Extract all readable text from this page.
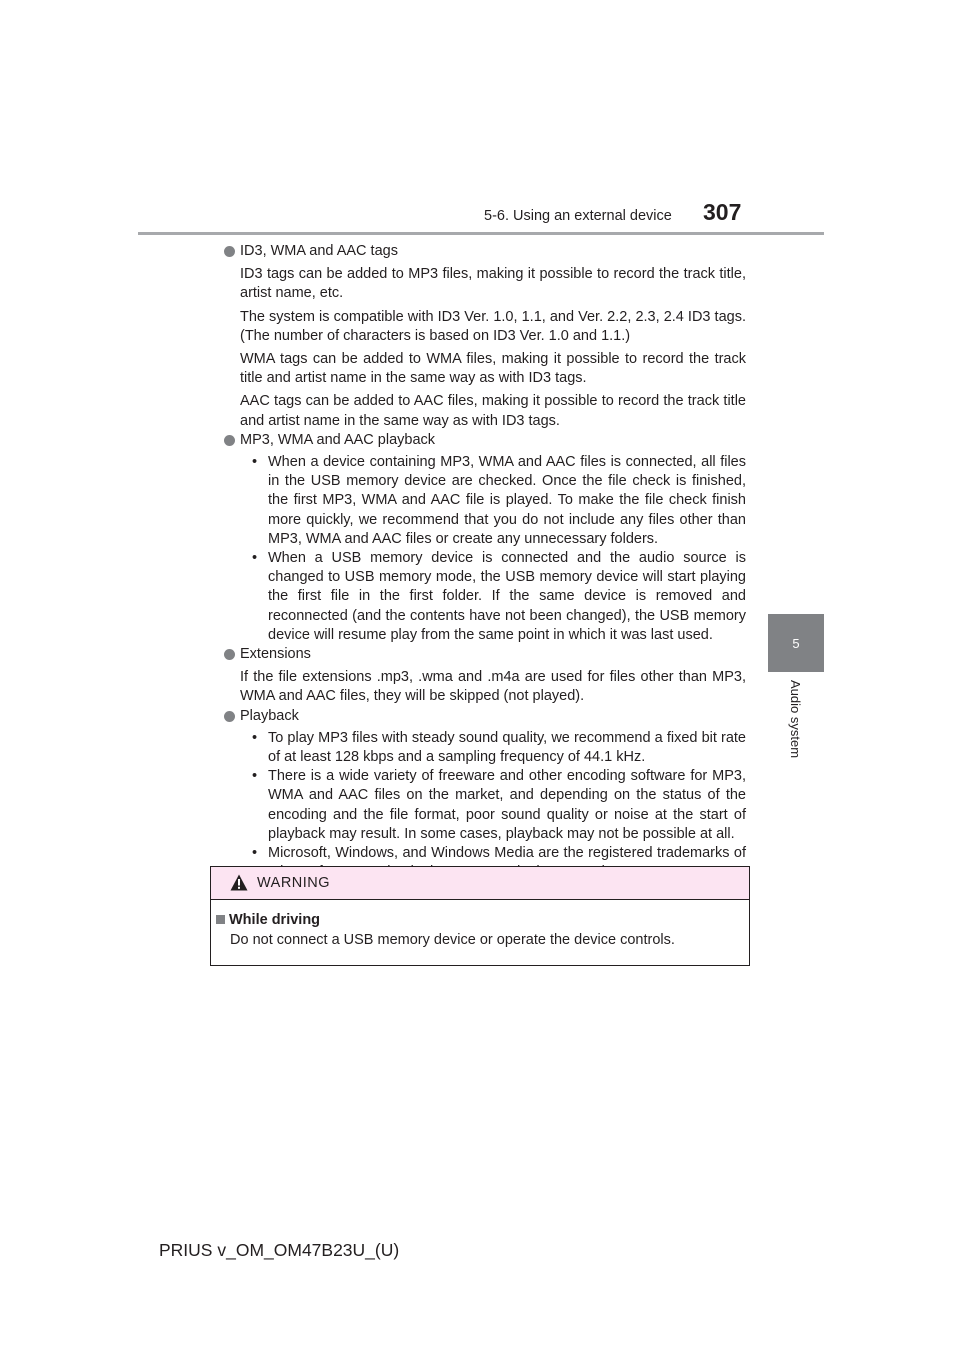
5-6. Using an external device 307
5
Audio system
ID3, WMA and AAC tags
ID3 tags can be added to MP3 files, making it possible to record the track title, artist name, etc.
The system is compatible with ID3 Ver. 1.0, 1.1, and Ver. 2.2, 2.3, 2.4 ID3 tags. (The number of characters is based on ID3 Ver. 1.0 and 1.1.)
WMA tags can be added to WMA files, making it possible to record the track title and artist name in the same way as with ID3 tags.
AAC tags can be added to AAC files, making it possible to record the track title and artist name in the same way as with ID3 tags.
MP3, WMA and AAC playback
• When a device containing MP3, WMA and AAC files is connected, all files in the USB memory device are checked. Once the file check is finished, the first MP3, WMA and AAC file is played. To make the file check finish more quickly, we recommend that you do not include any files other than MP3, WMA and AAC files or create any unnecessary folders.
• When a USB memory device is connected and the audio source is changed to USB memory mode, the USB memory device will start playing the first file in the first folder. If the same device is removed and reconnected (and the contents have not been changed), the USB memory device will resume play from the same point in which it was last used.
Extensions
If the file extensions .mp3, .wma and .m4a are used for files other than MP3, WMA and AAC files, they will be skipped (not played).
Playback
• To play MP3 files with steady sound quality, we recommend a fixed bit rate of at least 128 kbps and a sampling frequency of 44.1 kHz.
• There is a wide variety of freeware and other encoding software for MP3, WMA and AAC files on the market, and depending on the status of the encoding and the file format, poor sound quality or noise at the start of playback may result. In some cases, playback may not be possible at all.
• Microsoft, Windows, and Windows Media are the registered trademarks of
WARNING
While driving
Do not connect a USB memory device or operate the device controls.
PRIUS v_OM_OM47B23U_(U)
